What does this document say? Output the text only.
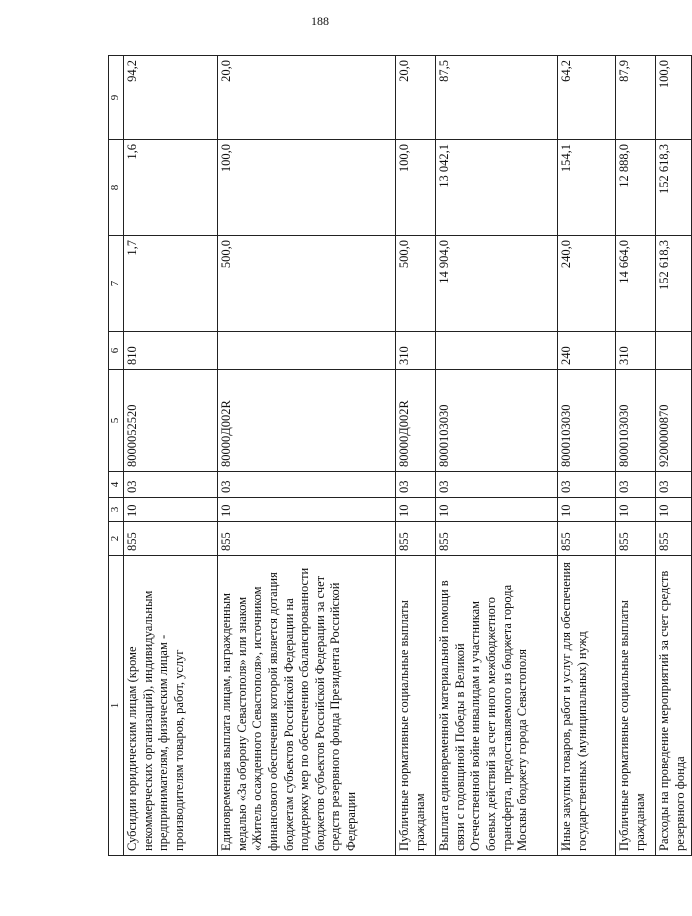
188
1	2	3	4	5	6	7	8	9
Субсидии юридическим лицам (кроме некоммерческих организаций), индивидуальным предпринимателям, физическим лицам - производителям товаров, работ, услуг	855	10	03	8000052520	810	1,7	1,6	94,2
Единовременная выплата лицам, награжденным медалью «За оборону Севастополя» или знаком «Житель осажденного Севастополя», источником финансового обеспечения которой является дотация бюджетам субъектов Российской Федерации на поддержку мер по обеспечению сбалансированности бюджетов субъектов Российской Федерации за счет средств резервного фонда Президента Российской Федерации	855	10	03	80000Д002R		500,0	100,0	20,0
Публичные нормативные социальные выплаты гражданам	855	10	03	80000Д002R	310	500,0	100,0	20,0
Выплата единовременной материальной помощи в связи с годовщиной Победы в Великой Отечественной войне инвалидам и участникам боевых действий за счет иного межбюджетного трансферта, предоставляемого из бюджета города Москвы бюджету города Севастополя	855	10	03	8000103030		14 904,0	13 042,1	87,5
Иные закупки товаров, работ и услуг для обеспечения государственных (муниципальных) нужд	855	10	03	8000103030	240	240,0	154,1	64,2
Публичные нормативные социальные выплаты гражданам	855	10	03	8000103030	310	14 664,0	12 888,0	87,9
Расходы на проведение мероприятий за счет средств резервного фонда	855	10	03	9200000870		152 618,3	152 618,3	100,0
